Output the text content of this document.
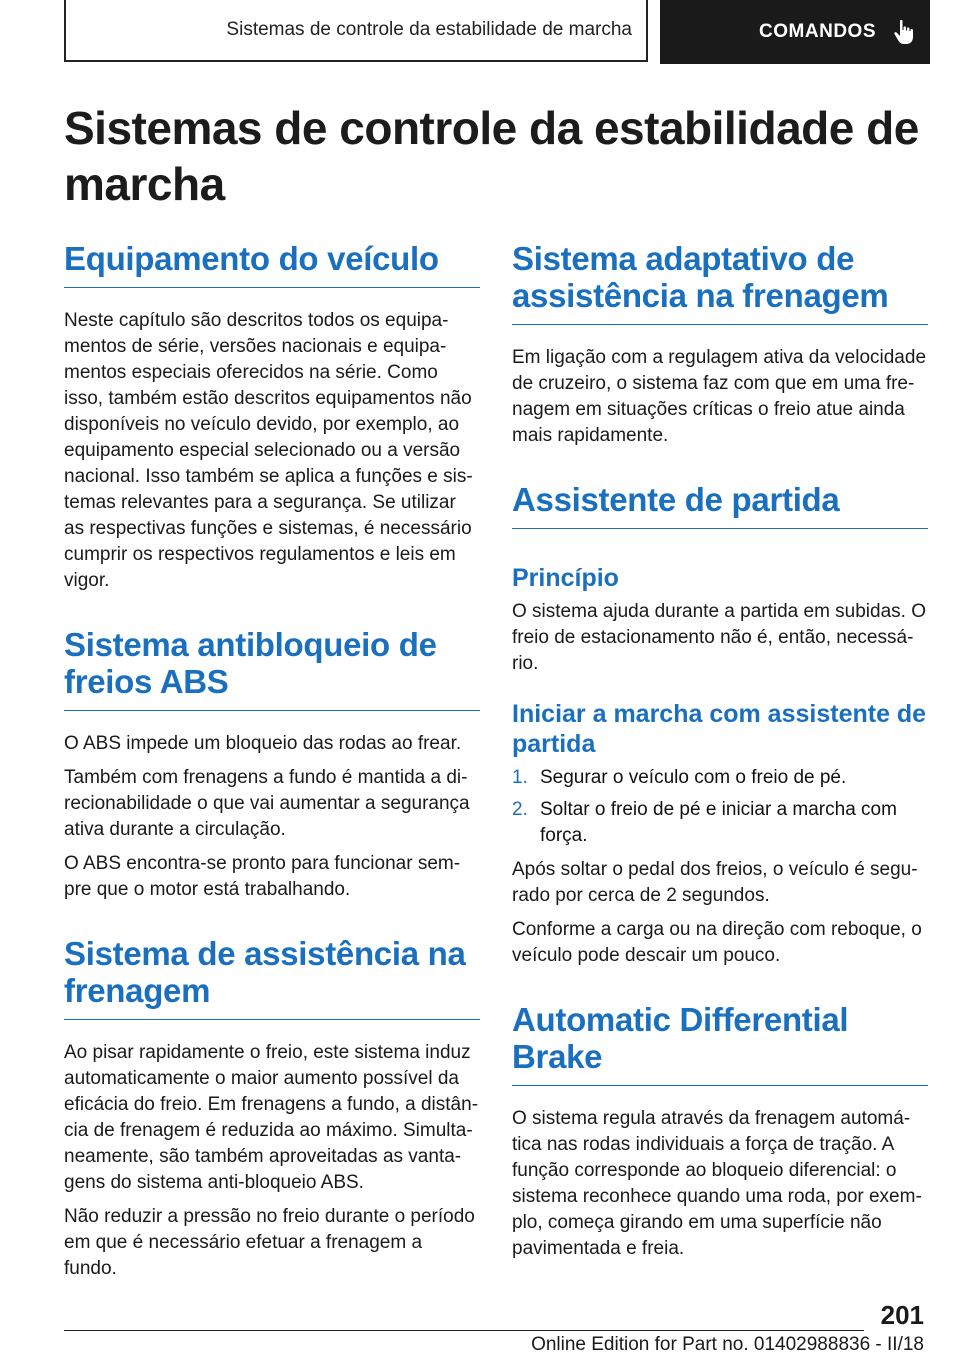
Sistemas de controle da estabilidade de marcha	COMANDOS
Sistemas de controle da estabilidade de marcha
Equipamento do veículo

Neste capítulo são descritos todos os equipamentos de série, versões nacionais e equipamentos especiais oferecidos na série. Como isso, também estão descritos equipamentos não disponíveis no veículo devido, por exemplo, ao equipamento especial selecionado ou a versão nacional. Isso também se aplica a funções e sistemas relevantes para a segurança. Se utilizar as respectivas funções e sistemas, é necessário cumprir os respectivos regulamentos e leis em vigor.

Sistema antibloqueio de freios ABS

O ABS impede um bloqueio das rodas ao frear.

Também com frenagens a fundo é mantida a direcionabilidade o que vai aumentar a segurança ativa durante a circulação.

O ABS encontra-se pronto para funcionar sempre que o motor está trabalhando.

Sistema de assistência na frenagem

Ao pisar rapidamente o freio, este sistema induz automaticamente o maior aumento possível da eficácia do freio. Em frenagens a fundo, a distância de frenagem é reduzida ao máximo. Simultaneamente, são também aproveitadas as vantagens do sistema anti-bloqueio ABS.

Não reduzir a pressão no freio durante o período em que é necessário efetuar a frenagem a fundo.

Sistema adaptativo de assistência na frenagem

Em ligação com a regulagem ativa da velocidade de cruzeiro, o sistema faz com que em uma frenagem em situações críticas o freio atue ainda mais rapidamente.

Assistente de partida
Princípio

O sistema ajuda durante a partida em subidas. O freio de estacionamento não é, então, necessário.

Iniciar a marcha com assistente de partida
1. Segurar o veículo com o freio de pé.
2. Soltar o freio de pé e iniciar a marcha com força.

Após soltar o pedal dos freios, o veículo é segurado por cerca de 2 segundos.

Conforme a carga ou na direção com reboque, o veículo pode descair um pouco.

Automatic Differential Brake

O sistema regula através da frenagem automática nas rodas individuais a força de tração. A função corresponde ao bloqueio diferencial: o sistema reconhece quando uma roda, por exemplo, começa girando em uma superfície não pavimentada e freia.

201
Online Edition for Part no. 01402988836 - II/18
